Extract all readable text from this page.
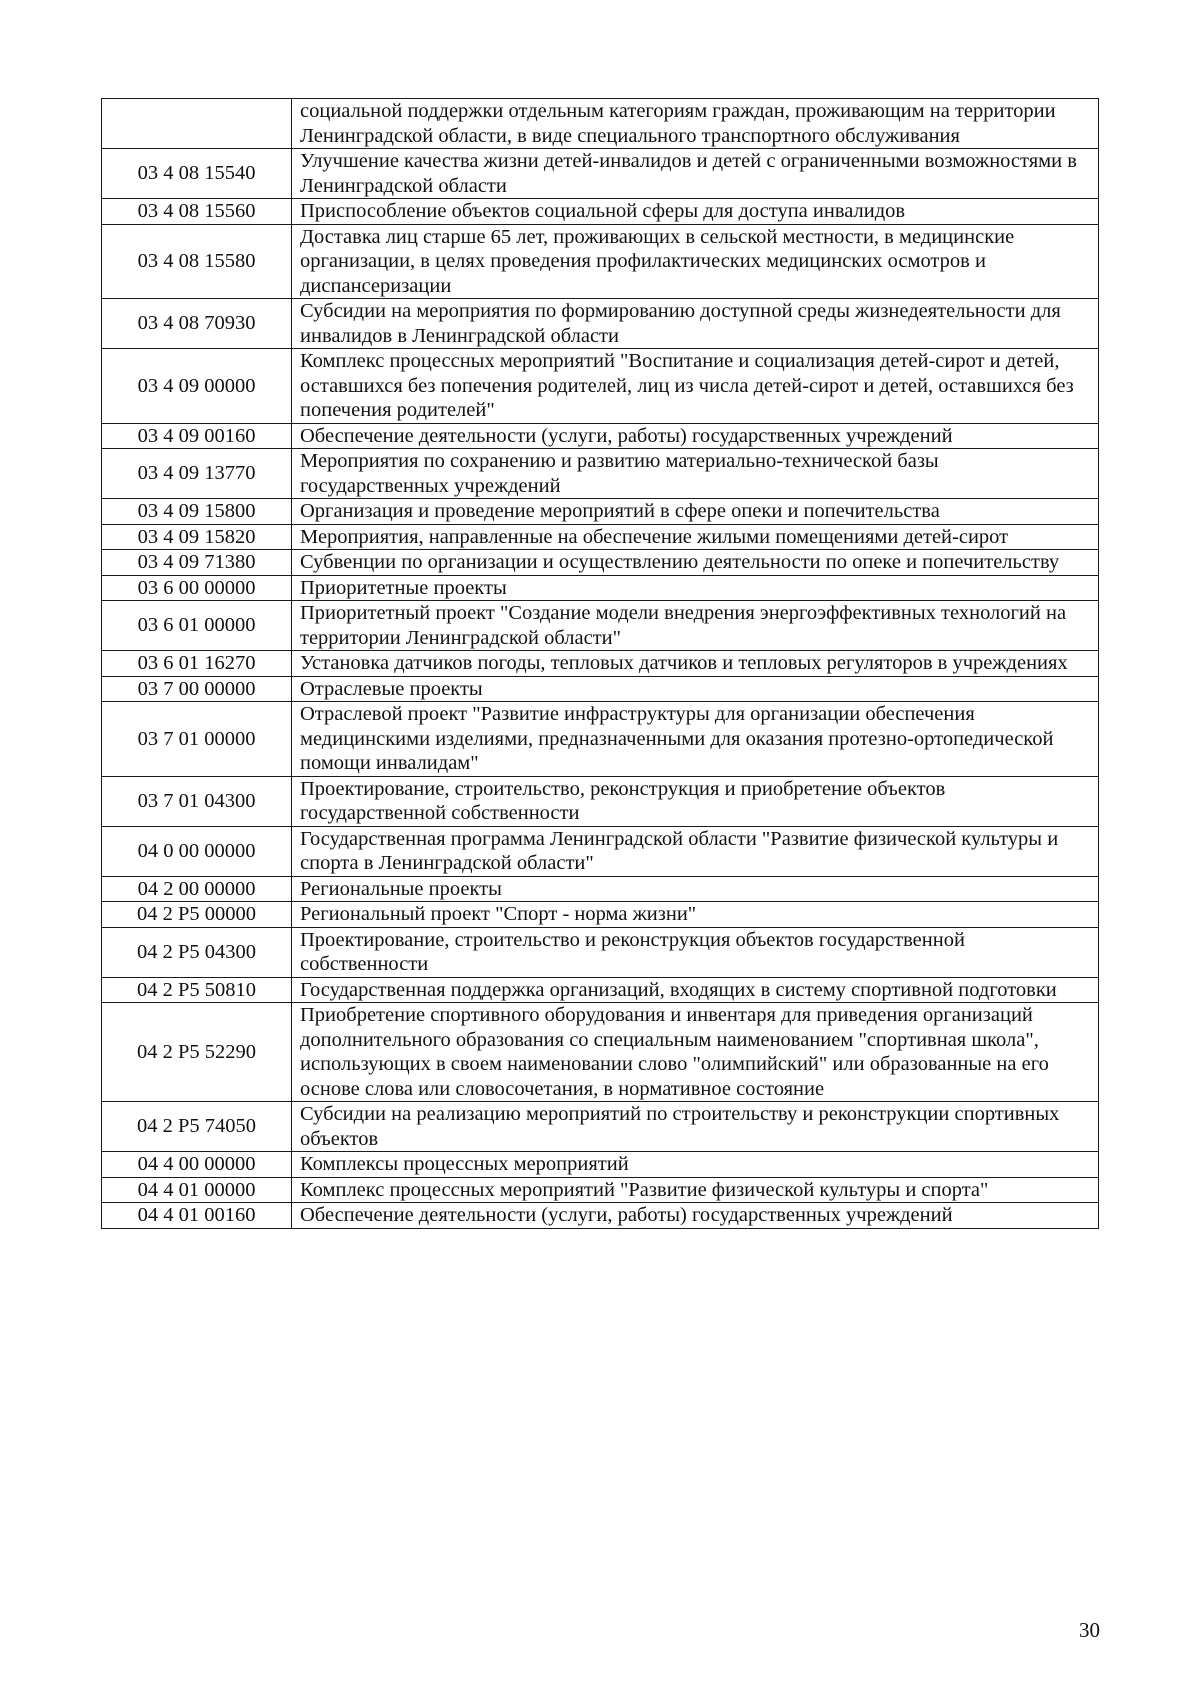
	социальной поддержки отдельным категориям граждан, проживающим на территории Ленинградской области, в виде специального транспортного обслуживания
03 4 08 15540	Улучшение качества жизни детей-инвалидов и детей с ограниченными возможностями в Ленинградской области
03 4 08 15560	Приспособление объектов социальной сферы для доступа инвалидов
03 4 08 15580	Доставка лиц старше 65 лет, проживающих в сельской местности, в медицинские организации, в целях проведения профилактических медицинских осмотров и диспансеризации
03 4 08 70930	Субсидии на мероприятия по формированию доступной среды жизнедеятельности для инвалидов в Ленинградской области
03 4 09 00000	Комплекс процессных мероприятий "Воспитание и социализация детей-сирот и детей, оставшихся без попечения родителей, лиц из числа детей-сирот и детей, оставшихся без попечения родителей"
03 4 09 00160	Обеспечение деятельности (услуги, работы) государственных учреждений
03 4 09 13770	Мероприятия по сохранению и развитию материально-технической базы государственных учреждений
03 4 09 15800	Организация и проведение мероприятий в сфере опеки и попечительства
03 4 09 15820	Мероприятия, направленные на обеспечение жилыми помещениями детей-сирот
03 4 09 71380	Субвенции по организации и осуществлению деятельности по опеке и попечительству
03 6 00 00000	Приоритетные проекты
03 6 01 00000	Приоритетный проект "Создание модели внедрения энергоэффективных технологий на территории Ленинградской области"
03 6 01 16270	Установка датчиков погоды, тепловых датчиков и тепловых регуляторов в учреждениях
03 7 00 00000	Отраслевые проекты
03 7 01 00000	Отраслевой проект "Развитие инфраструктуры для организации обеспечения медицинскими изделиями, предназначенными для оказания протезно-ортопедической помощи инвалидам"
03 7 01 04300	Проектирование, строительство, реконструкция и приобретение объектов государственной собственности
04 0 00 00000	Государственная программа Ленинградской области "Развитие физической культуры и спорта в Ленинградской области"
04 2 00 00000	Региональные проекты
04 2 P5 00000	Региональный проект "Спорт - норма жизни"
04 2 P5 04300	Проектирование, строительство и реконструкция объектов государственной собственности
04 2 P5 50810	Государственная поддержка организаций, входящих в систему спортивной подготовки
04 2 P5 52290	Приобретение спортивного оборудования и инвентаря для приведения организаций дополнительного образования со специальным наименованием "спортивная школа", использующих в своем наименовании слово "олимпийский" или образованные на его основе слова или словосочетания, в нормативное состояние
04 2 P5 74050	Субсидии на реализацию мероприятий по строительству и реконструкции спортивных объектов
04 4 00 00000	Комплексы процессных мероприятий
04 4 01 00000	Комплекс процессных мероприятий "Развитие физической культуры и спорта"
04 4 01 00160	Обеспечение деятельности (услуги, работы) государственных учреждений
30
